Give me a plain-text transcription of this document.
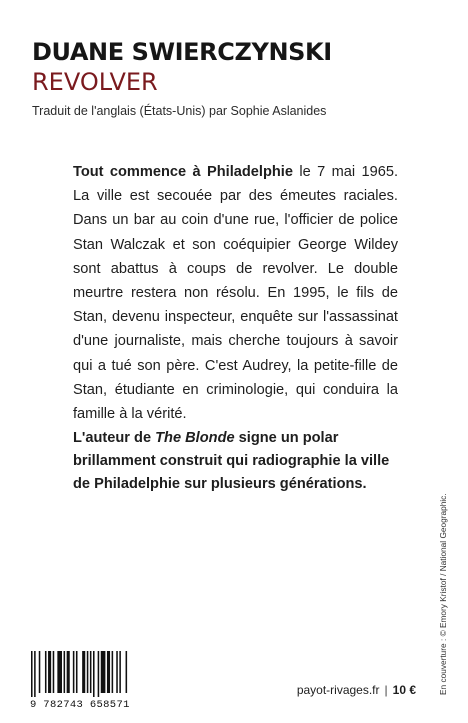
DUANE SWIERCZYNSKI
REVOLVER
Traduit de l'anglais (États-Unis) par Sophie Aslanides
Tout commence à Philadelphie le 7 mai 1965. La ville est secouée par des émeutes raciales. Dans un bar au coin d'une rue, l'officier de police Stan Walczak et son coéquipier George Wildey sont abattus à coups de revolver. Le double meurtre restera non résolu. En 1995, le fils de Stan, devenu inspecteur, enquête sur l'assassinat d'une journaliste, mais cherche toujours à savoir qui a tué son père. C'est Audrey, la petite-fille de Stan, étudiante en criminologie, qui conduira la famille à la vérité.
L'auteur de The Blonde signe un polar brillamment construit qui radiographie la ville de Philadelphie sur plusieurs générations.
En couverture : © Emory Kristof / National Geographic.
9 782743 658571
payot-rivages.fr | 10 €
